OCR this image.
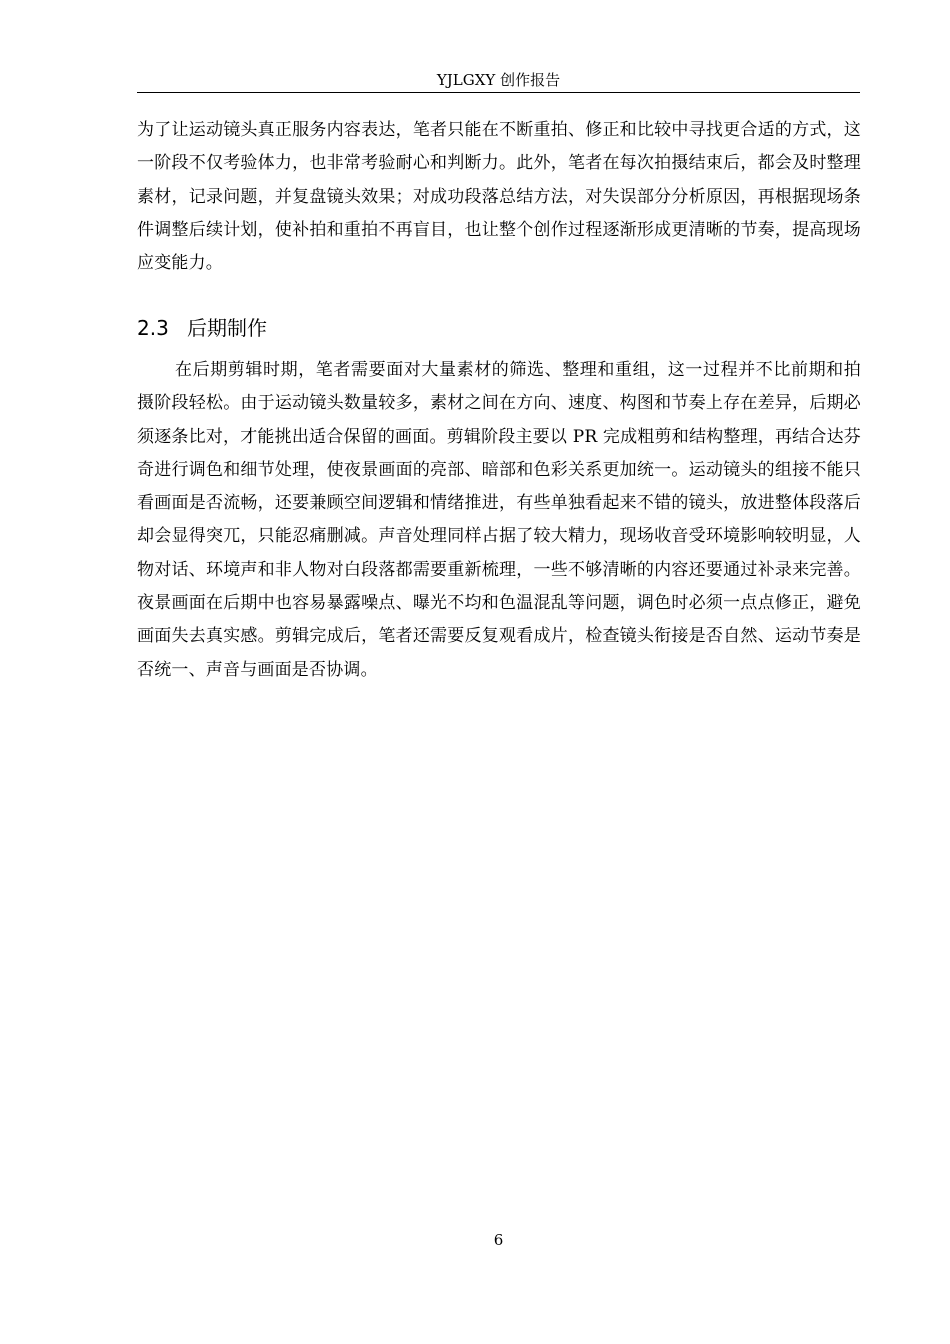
YJLGXY 创作报告

为了让运动镜头真正服务内容表达，笔者只能在不断重拍、修正和比较中寻找更合适的方式，这一阶段不仅考验体力，也非常考验耐心和判断力。此外，笔者在每次拍摄结束后，都会及时整理素材，记录问题，并复盘镜头效果；对成功段落总结方法，对失误部分分析原因，再根据现场条件调整后续计划，使补拍和重拍不再盲目，也让整个创作过程逐渐形成更清晰的节奏，提高现场应变能力。

2.3 后期制作

在后期剪辑时期，笔者需要面对大量素材的筛选、整理和重组，这一过程并不比前期和拍摄阶段轻松。由于运动镜头数量较多，素材之间在方向、速度、构图和节奏上存在差异，后期必须逐条比对，才能挑出适合保留的画面。剪辑阶段主要以 PR 完成粗剪和结构整理，再结合达芬奇进行调色和细节处理，使夜景画面的亮部、暗部和色彩关系更加统一。运动镜头的组接不能只看画面是否流畅，还要兼顾空间逻辑和情绪推进，有些单独看起来不错的镜头，放进整体段落后却会显得突兀，只能忍痛删减。声音处理同样占据了较大精力，现场收音受环境影响较明显，人物对话、环境声和非人物对白段落都需要重新梳理，一些不够清晰的内容还要通过补录来完善。夜景画面在后期中也容易暴露噪点、曝光不均和色温混乱等问题，调色时必须一点点修正，避免画面失去真实感。剪辑完成后，笔者还需要反复观看成片，检查镜头衔接是否自然、运动节奏是否统一、声音与画面是否协调。

6
